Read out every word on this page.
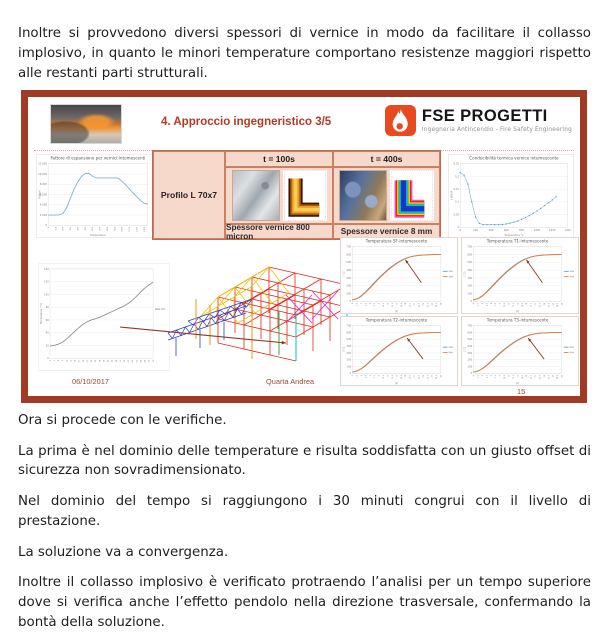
Inoltre si provvedono diversi spessori di vernice in modo da facilitare il collasso implosivo, in quanto le minori temperature comportano resistenze maggiori rispetto alle restanti parti strutturali.

4. Approccio ingegneristico 3/5	FSE PROGETTI
Ingegneria Antincendio - Fire Safety Engineering
0
2.000
4.000
6.000
8.000
10.000
12.000
0	100	200	300	400	500	600	700	800	900	1000	1100	1200	1300
Fattore di espansione per vernici intumescenti
Fattore
Temperatura
Profilo L 70x7
t = 100s	t = 400s
Spessore vernice 800 micron	Spessore vernice 8 mm	0
0,05
0,1
0,15
0,2
0,25
0	200	400	600	800	1000	1200	1400
Conducibilità termica vernice intumescente
λ W/mK
Temperatura °C
0
20
40
60
80
100
120
140
0 3 6 9 12 15 18 21 24 27 30 33 36 39 42 45 48 51 54 57 60 63 66 69 72 75
Temperatura [°C]
0
100
200
300
400
500
600
700
0 1.5 3 4.5 6 7.5 9 10.5 12 13.5 15 16.5 18 19.5 21 22.5 24 25.5 27 28.5 30
Temperatura SF-intumescente
[°C]
[s]
0
100
200
300
400
500
600
700
0 1.5 3 4.5 6 7.5 9 10.5 12 13.5 15 16.5 18 19.5 21 22.5 24 25.5 27 28.5 30
Temperatura T1-intumescente
[°C]
[s]
0
100
200
300
400
500
600
700
0 1.5 3 4.5 6 7.5 9 10.5 12 13.5 15 16.5 18 19.5 21 22.5 24 25.5 27 28.5 30
Temperatura T2-intumescente
[°C]
[s]
0
100
200
300
400
500
600
700
0 1.5 3 4.5 6 7.5 9 10.5 12 13.5 15 16.5 18 19.5 21 22.5 24 25.5 27 28.5 30
Temperatura T3-intumescente
[°C]
[s]
06/10/2017	Quarta Andrea
15

Ora si procede con le verifiche.

La prima è nel dominio delle temperature e risulta soddisfatta con un giusto offset di sicurezza non sovradimensionato.

Nel dominio del tempo si raggiungono i 30 minuti congrui con il livello di prestazione.

La soluzione va a convergenza.

Inoltre il collasso implosivo è verificato protraendo l’analisi per un tempo superiore dove si verifica anche l’effetto pendolo nella direzione trasversale, confermando la bontà della soluzione.
